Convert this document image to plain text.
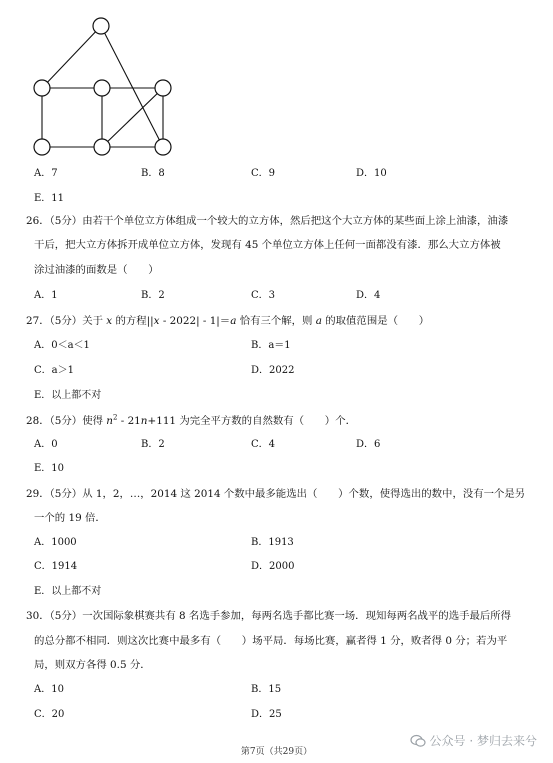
A．7	B．8	C．9	D．10
E．11
26．（5分）由若干个单位立方体组成一个较大的立方体，然后把这个大立方体的某些面上涂上油漆，油漆
干后，把大立方体拆开成单位立方体，发现有 45 个单位立方体上任何一面都没有漆．那么大立方体被
涂过油漆的面数是（　　）
A．1	B．2	C．3	D．4
27．（5分）关于 x 的方程||x - 2022| - 1|＝a 恰有三个解，则 a 的取值范围是（　　）
A．0＜a＜1	B．a＝1
C．a＞1	D．2022
E．以上都不对
28．（5分）使得 $n^2 - 21n+111$ 为完全平方数的自然数有（　　）个．
A．0	B．2	C．4	D．6
E．10
29．（5分）从 1，2，…，2014 这 2014 个数中最多能选出（　　）个数，使得选出的数中，没有一个是另
一个的 19 倍．
A．1000	B．1913
C．1914	D．2000
E．以上都不对
30．（5分）一次国际象棋赛共有 8 名选手参加，每两名选手都比赛一场．现知每两名战平的选手最后所得
的总分都不相同．则这次比赛中最多有（　　）场平局．每场比赛，赢者得 1 分，败者得 0 分；若为平
局，则双方各得 0.5 分．
A．10	B．15
C．20	D．25
第7页（共29页）
公众号 · 梦归去来兮
